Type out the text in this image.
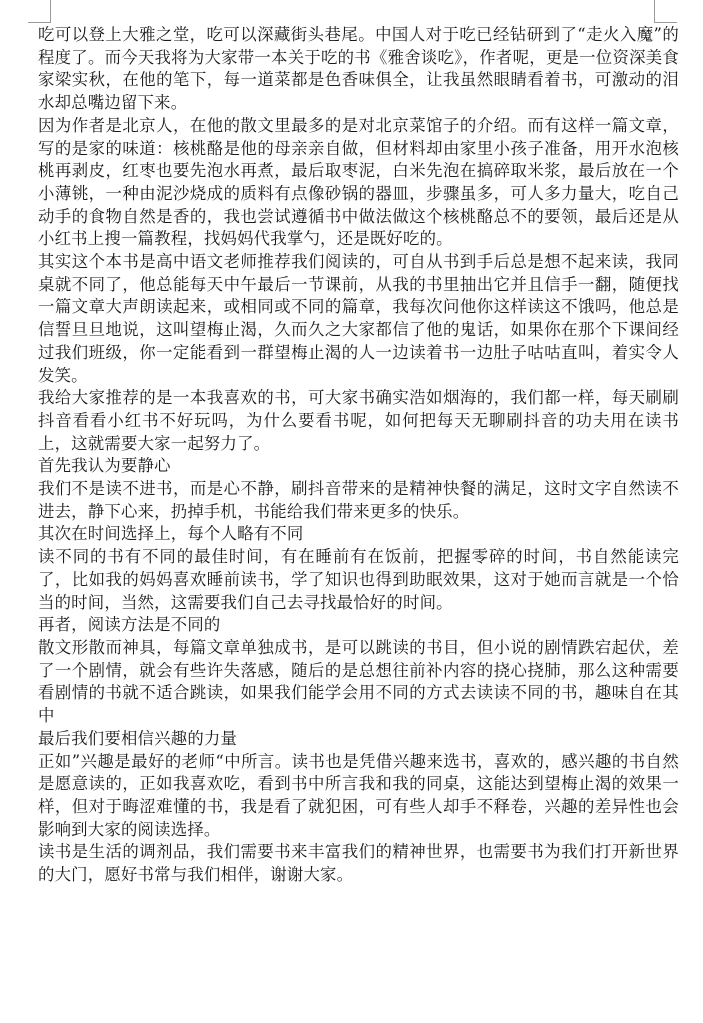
吃可以登上大雅之堂，吃可以深藏街头巷尾。中国人对于吃已经钻研到了“走火入魔”的程度了。而今天我将为大家带一本关于吃的书《雅舍谈吃》，作者呢，更是一位资深美食家梁实秋，在他的笔下，每一道菜都是色香味俱全，让我虽然眼睛看着书，可激动的泪水却总嘴边留下来。

因为作者是北京人，在他的散文里最多的是对北京菜馆子的介绍。而有这样一篇文章，写的是家的味道：核桃酪是他的母亲亲自做，但材料却由家里小孩子准备，用开水泡核桃再剥皮，红枣也要先泡水再煮，最后取枣泥，白米先泡在搞碎取米浆，最后放在一个小薄铫，一种由泥沙烧成的质料有点像砂锅的器皿，步骤虽多，可人多力量大，吃自己动手的食物自然是香的，我也尝试遵循书中做法做这个核桃酪总不的要领，最后还是从小红书上搜一篇教程，找妈妈代我掌勺，还是既好吃的。

其实这个本书是高中语文老师推荐我们阅读的，可自从书到手后总是想不起来读，我同桌就不同了，他总能每天中午最后一节课前，从我的书里抽出它并且信手一翻，随便找一篇文章大声朗读起来，或相同或不同的篇章，我每次问他你这样读这不饿吗，他总是信誓旦旦地说，这叫望梅止渴，久而久之大家都信了他的鬼话，如果你在那个下课间经过我们班级，你一定能看到一群望梅止渴的人一边读着书一边肚子咕咕直叫，着实令人发笑。

我给大家推荐的是一本我喜欢的书，可大家书确实浩如烟海的，我们都一样，每天刷刷抖音看看小红书不好玩吗，为什么要看书呢，如何把每天无聊刷抖音的功夫用在读书上，这就需要大家一起努力了。

首先我认为要静心

我们不是读不进书，而是心不静，刷抖音带来的是精神快餐的满足，这时文字自然读不进去，静下心来，扔掉手机，书能给我们带来更多的快乐。

其次在时间选择上，每个人略有不同

读不同的书有不同的最佳时间，有在睡前有在饭前，把握零碎的时间，书自然能读完了，比如我的妈妈喜欢睡前读书，学了知识也得到助眠效果，这对于她而言就是一个恰当的时间，当然，这需要我们自己去寻找最恰好的时间。

再者，阅读方法是不同的

散文形散而神具，每篇文章单独成书，是可以跳读的书目，但小说的剧情跌宕起伏，差了一个剧情，就会有些许失落感，随后的是总想往前补内容的挠心挠肺，那么这种需要看剧情的书就不适合跳读，如果我们能学会用不同的方式去读读不同的书，趣味自在其中

最后我们要相信兴趣的力量

正如”兴趣是最好的老师“中所言。读书也是凭借兴趣来选书，喜欢的，感兴趣的书自然是愿意读的，正如我喜欢吃，看到书中所言我和我的同桌，这能达到望梅止渴的效果一样，但对于晦涩难懂的书，我是看了就犯困，可有些人却手不释卷，兴趣的差异性也会影响到大家的阅读选择。

读书是生活的调剂品，我们需要书来丰富我们的精神世界，也需要书为我们打开新世界的大门，愿好书常与我们相伴，谢谢大家。
